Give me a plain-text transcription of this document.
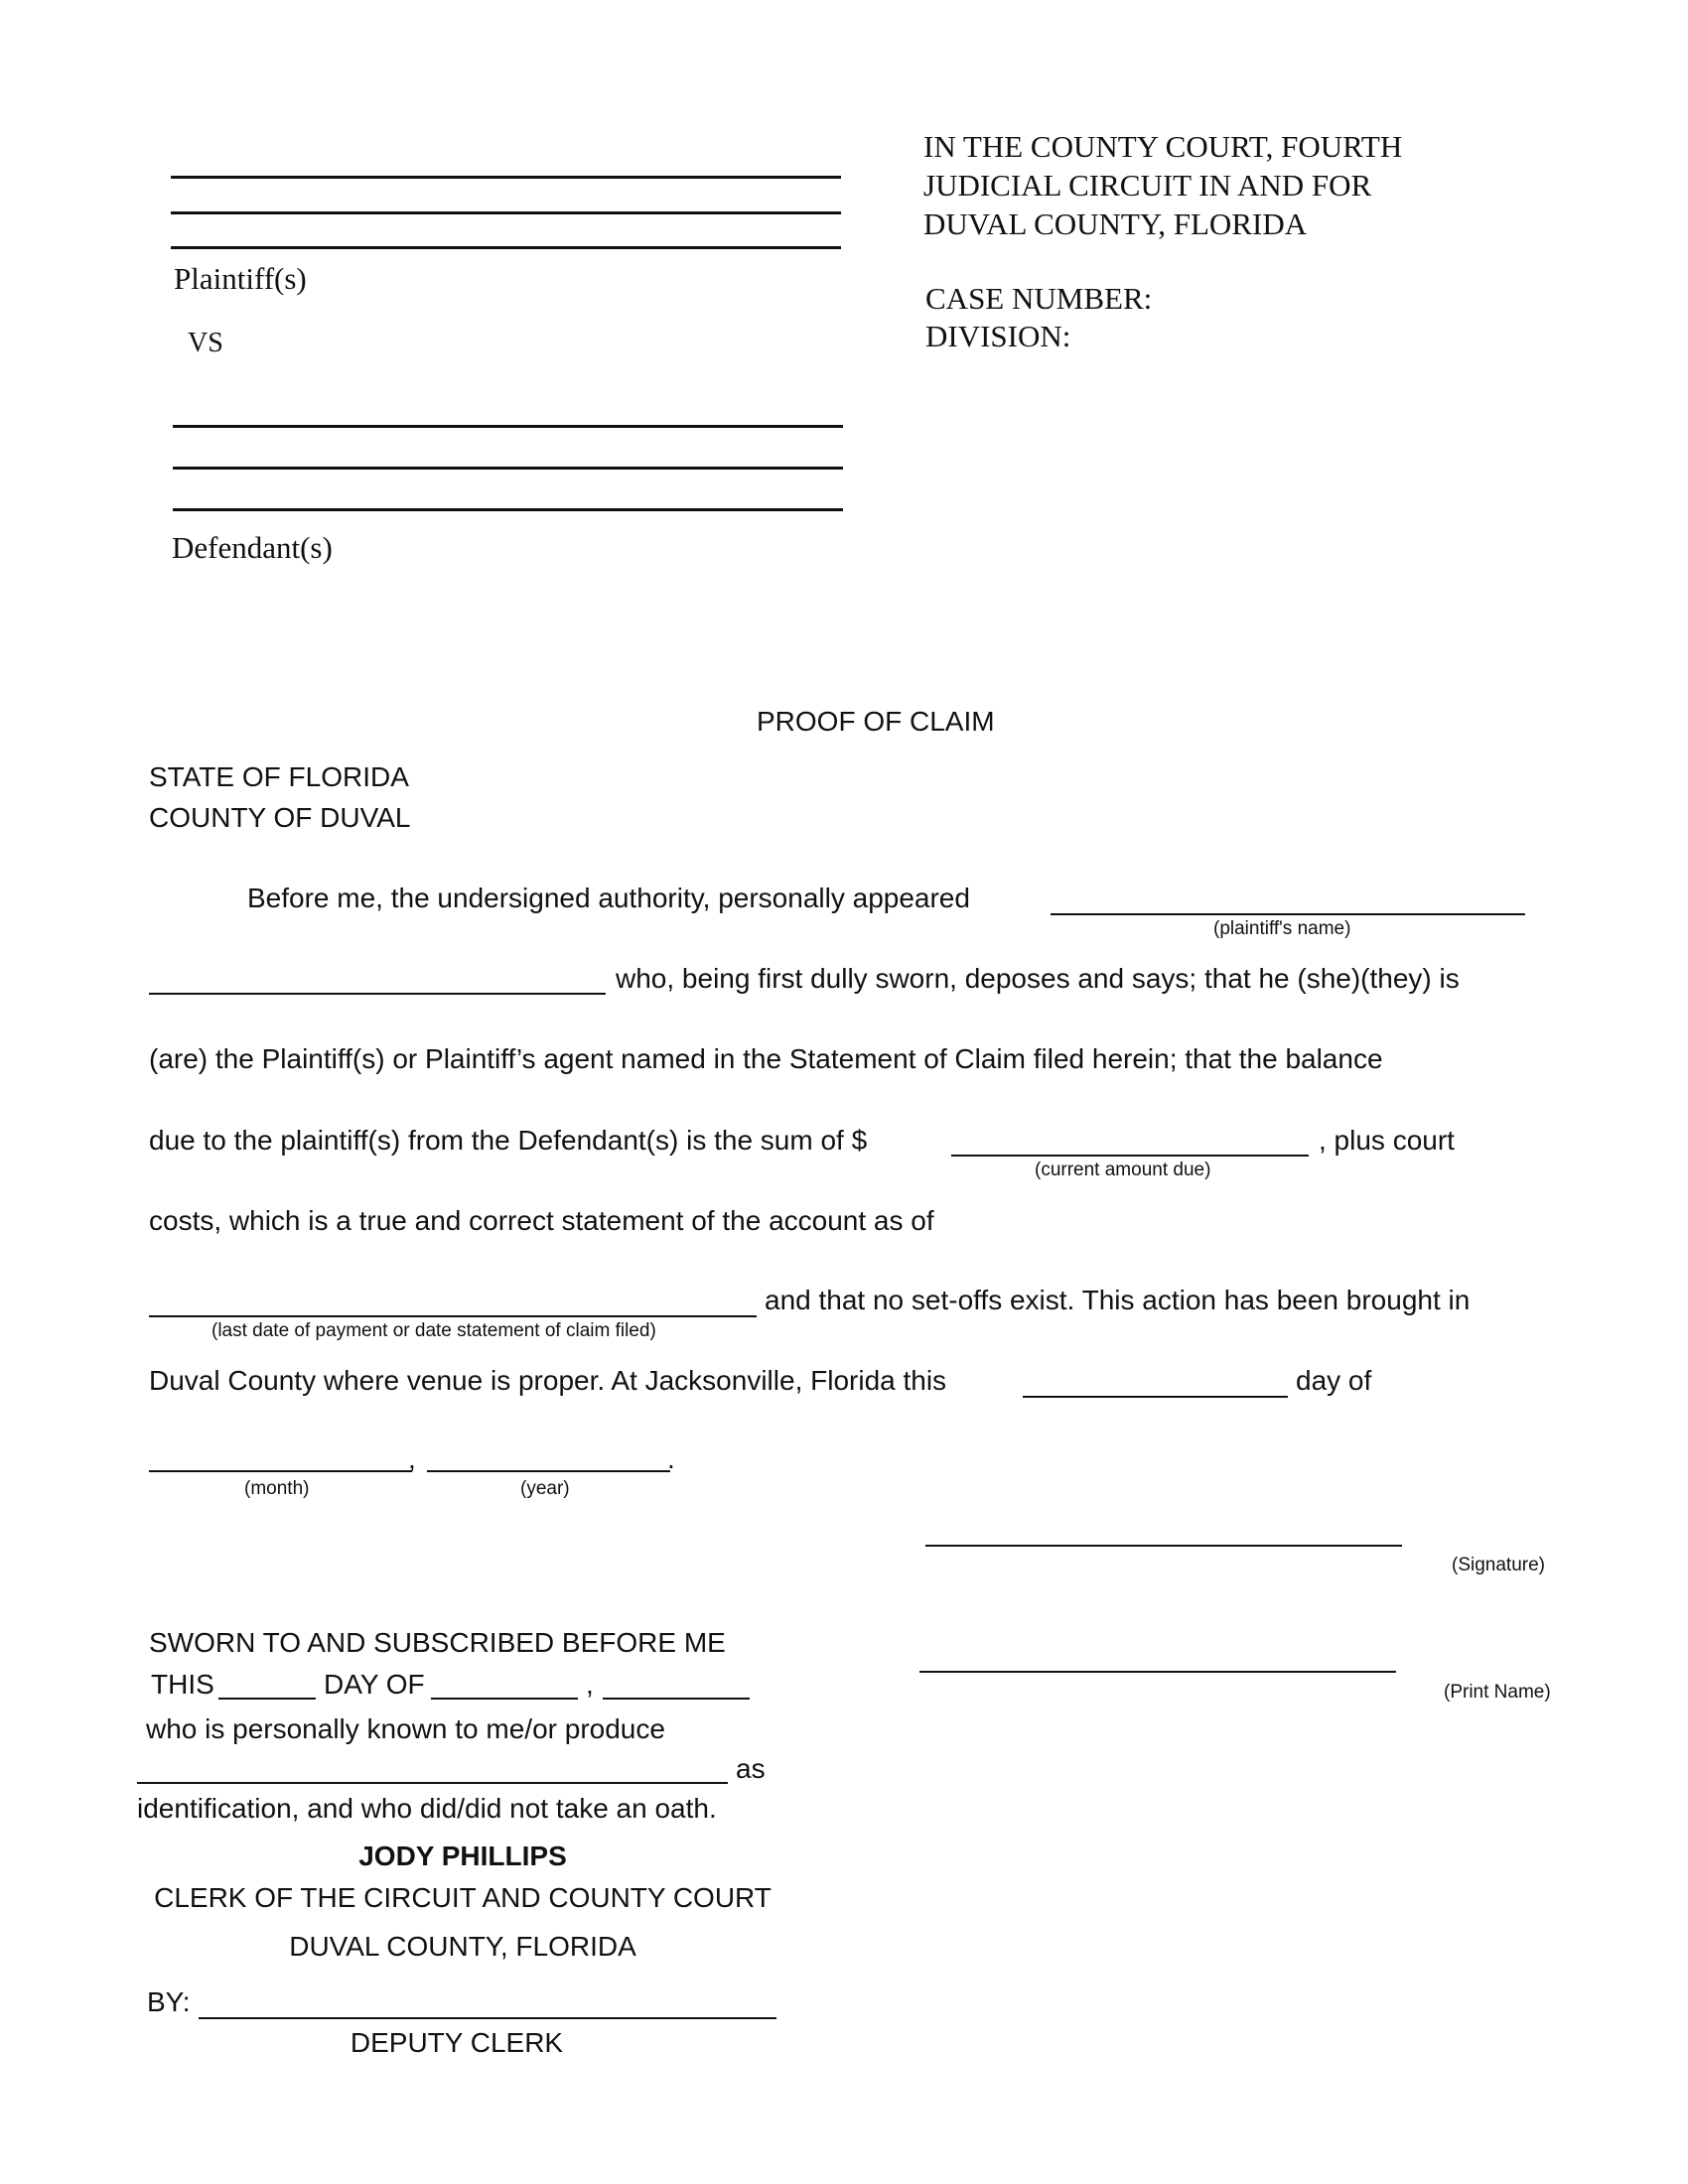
Plaintiff(s)
VS
Defendant(s)
IN THE COUNTY COURT, FOURTH
JUDICIAL CIRCUIT IN AND FOR
DUVAL COUNTY, FLORIDA
CASE NUMBER:
DIVISION:
PROOF OF CLAIM
STATE OF FLORIDA
COUNTY OF DUVAL
Before me, the undersigned authority, personally appeared
(plaintiff's name)
who, being first dully sworn, deposes and says; that he (she)(they) is
(are) the Plaintiff(s) or Plaintiff’s agent named in the Statement of Claim filed herein; that the balance
due to the plaintiff(s) from the Defendant(s) is the sum of $	, plus court
(current amount due)
costs, which is a true and correct statement of the account as of
and that no set-offs exist. This action has been brought in
(last date of payment or date statement of claim filed)
Duval County where venue is proper. At Jacksonville, Florida this	day of
,	.
(month)	(year)
(Signature)
(Print Name)
SWORN TO AND SUBSCRIBED BEFORE ME
THIS	DAY OF	,
who is personally known to me/or produce
as
identification, and who did/did not take an oath.
JODY PHILLIPS
CLERK OF THE CIRCUIT AND COUNTY COURT
DUVAL COUNTY, FLORIDA
BY:
DEPUTY CLERK
